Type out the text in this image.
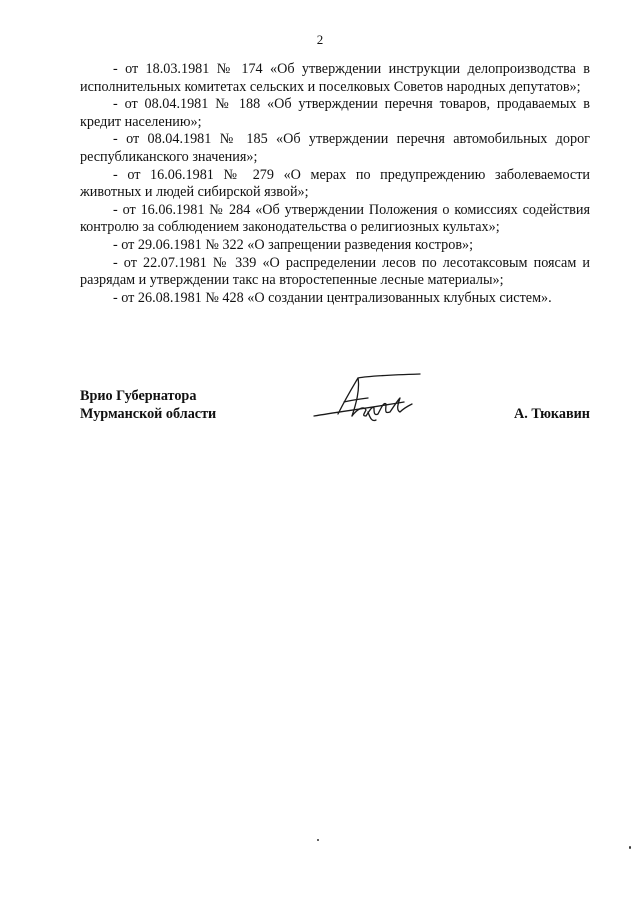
2

- от 18.03.1981 № 174 «Об утверждении инструкции делопроизводства в исполнительных комитетах сельских и поселковых Советов народных депутатов»;

- от 08.04.1981 № 188 «Об утверждении перечня товаров, продаваемых в кредит населению»;

- от 08.04.1981 № 185 «Об утверждении перечня автомобильных дорог республиканского значения»;

- от 16.06.1981 № 279 «О мерах по предупреждению заболеваемости животных и людей сибирской язвой»;

- от 16.06.1981 № 284 «Об утверждении Положения о комиссиях содействия контролю за соблюдением законодательства о религиозных культах»;

- от 29.06.1981 № 322 «О запрещении разведения костров»;

- от 22.07.1981 № 339 «О распределении лесов по лесотаксовым поясам и разрядам и утверждении такс на второстепенные лесные материалы»;

- от 26.08.1981 № 428 «О создании централизованных клубных систем».

Врио Губернатора
Мурманской области	А. Тюкавин
